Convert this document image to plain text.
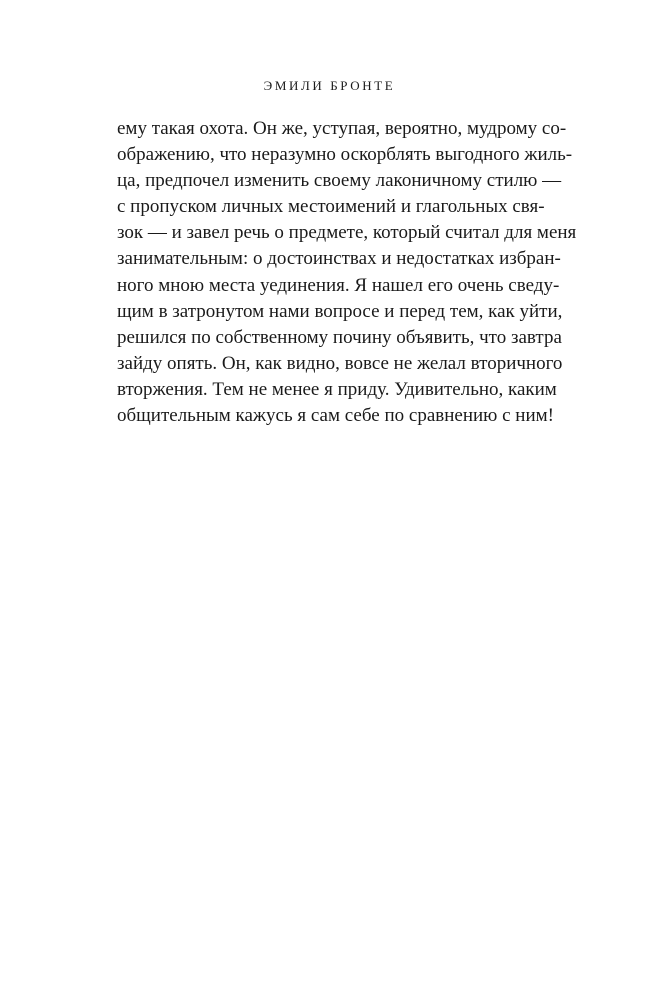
ЭМИЛИ БРОНТЕ
ему такая охота. Он же, уступая, вероятно, мудрому со-
ображению, что неразумно оскорблять выгодного жиль-
ца, предпочел изменить своему лаконичному стилю —
с пропуском личных местоимений и глагольных свя-
зок — и завел речь о предмете, который считал для меня
занимательным: о достоинствах и недостатках избран-
ного мною места уединения. Я нашел его очень сведу-
щим в затронутом нами вопросе и перед тем, как уйти,
решился по собственному почину объявить, что завтра
зайду опять. Он, как видно, вовсе не желал вторичного
вторжения. Тем не менее я приду. Удивительно, каким
общительным кажусь я сам себе по сравнению с ним!
